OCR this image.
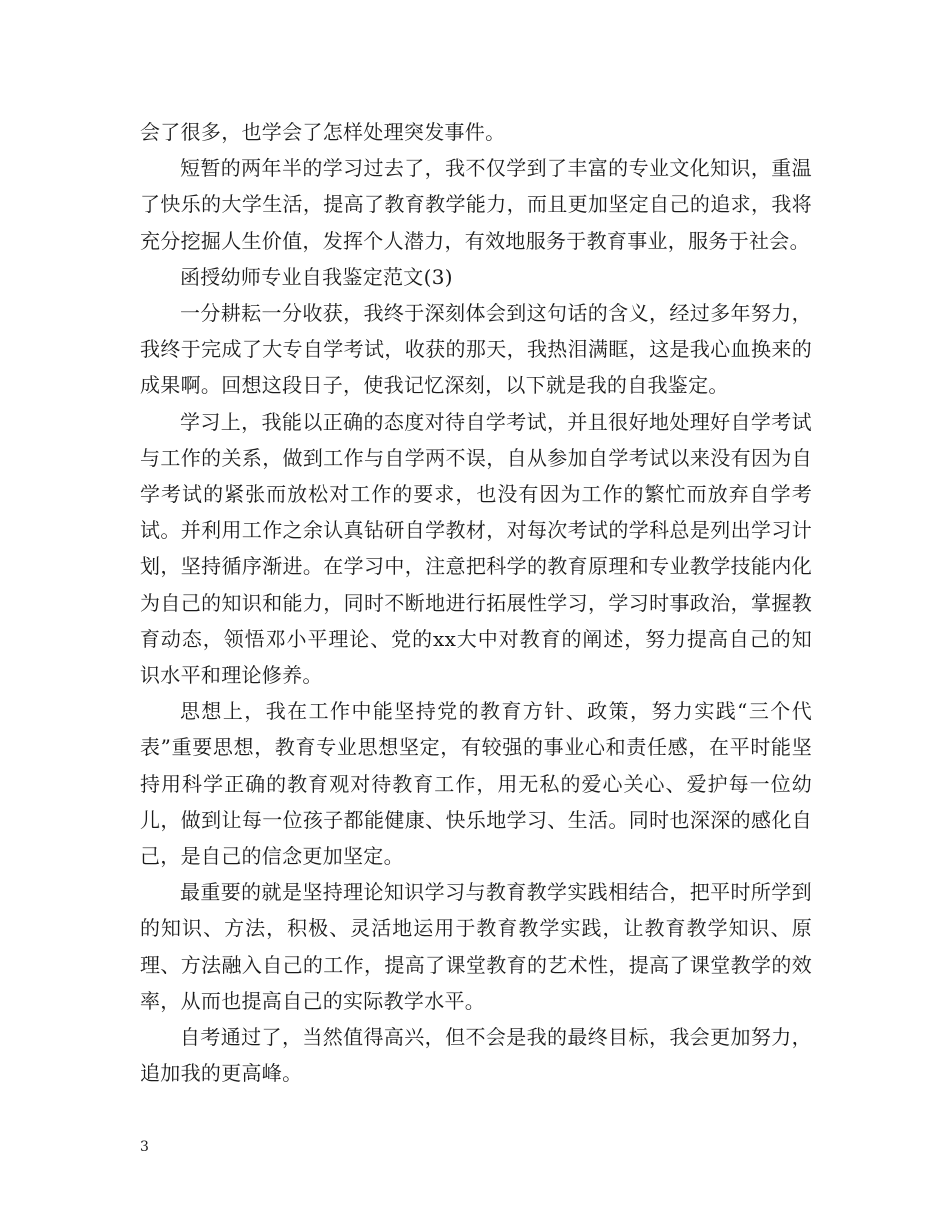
会了很多，也学会了怎样处理突发事件。

短暂的两年半的学习过去了，我不仅学到了丰富的专业文化知识，重温了快乐的大学生活，提高了教育教学能力，而且更加坚定自己的追求，我将充分挖掘人生价值，发挥个人潜力，有效地服务于教育事业，服务于社会。

函授幼师专业自我鉴定范文(3)

一分耕耘一分收获，我终于深刻体会到这句话的含义，经过多年努力，我终于完成了大专自学考试，收获的那天，我热泪满眶，这是我心血换来的成果啊。回想这段日子，使我记忆深刻，以下就是我的自我鉴定。

学习上，我能以正确的态度对待自学考试，并且很好地处理好自学考试与工作的关系，做到工作与自学两不误，自从参加自学考试以来没有因为自学考试的紧张而放松对工作的要求，也没有因为工作的繁忙而放弃自学考试。并利用工作之余认真钻研自学教材，对每次考试的学科总是列出学习计划，坚持循序渐进。在学习中，注意把科学的教育原理和专业教学技能内化为自己的知识和能力，同时不断地进行拓展性学习，学习时事政治，掌握教育动态，领悟邓小平理论、党的xx大中对教育的阐述，努力提高自己的知识水平和理论修养。

思想上，我在工作中能坚持党的教育方针、政策，努力实践“三个代表”重要思想，教育专业思想坚定，有较强的事业心和责任感，在平时能坚持用科学正确的教育观对待教育工作，用无私的爱心关心、爱护每一位幼儿，做到让每一位孩子都能健康、快乐地学习、生活。同时也深深的感化自己，是自己的信念更加坚定。

最重要的就是坚持理论知识学习与教育教学实践相结合，把平时所学到的知识、方法，积极、灵活地运用于教育教学实践，让教育教学知识、原理、方法融入自己的工作，提高了课堂教育的艺术性，提高了课堂教学的效率，从而也提高自己的实际教学水平。

自考通过了，当然值得高兴，但不会是我的最终目标，我会更加努力，追加我的更高峰。

3
